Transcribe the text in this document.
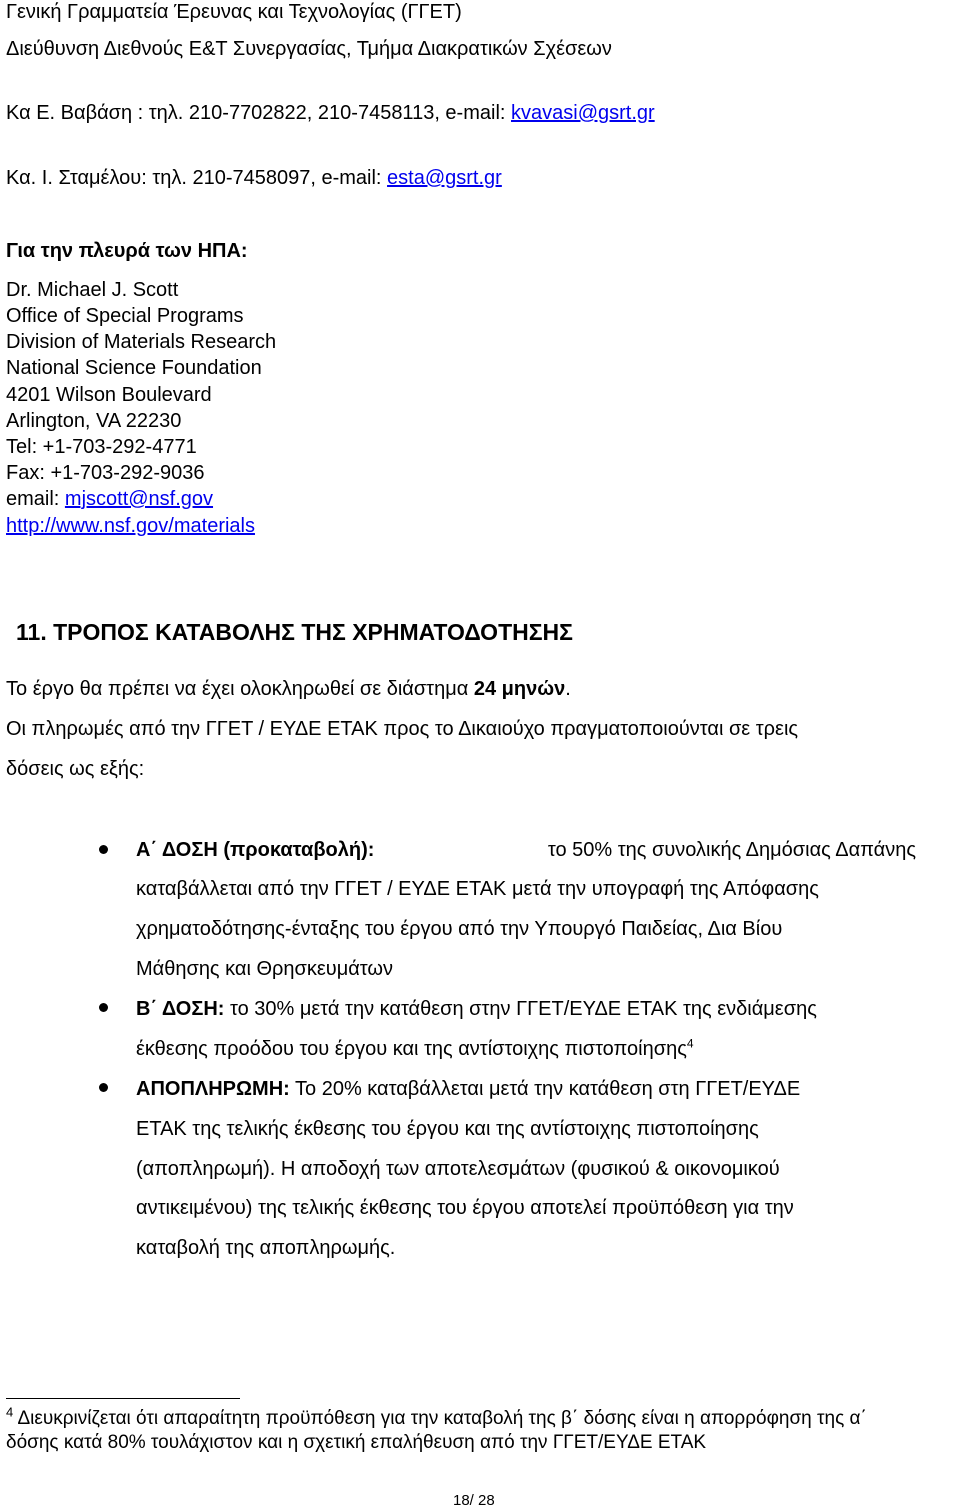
Γενική Γραμματεία Έρευνας και Τεχνολογίας (ΓΓΕΤ)
Διεύθυνση Διεθνούς Ε&Τ Συνεργασίας, Τμήμα Διακρατικών Σχέσεων
Κα Ε. Βαβάση : τηλ. 210-7702822, 210-7458113, e-mail: kvavasi@gsrt.gr
Κα. Ι. Σταμέλου: τηλ. 210-7458097, e-mail: esta@gsrt.gr
Για την πλευρά των ΗΠΑ:
Dr. Michael J. Scott
Office of Special Programs
Division of Materials Research
National Science Foundation
4201 Wilson Boulevard
Arlington, VA 22230
Tel: +1-703-292-4771
Fax: +1-703-292-9036
email: mjscott@nsf.gov
http://www.nsf.gov/materials
11. ΤΡΟΠΟΣ ΚΑΤΑΒΟΛΗΣ ΤΗΣ ΧΡΗΜΑΤΟΔΟΤΗΣΗΣ
Το έργο θα πρέπει να έχει ολοκληρωθεί σε διάστημα 24 μηνών.
Οι πληρωμές από την ΓΓΕΤ / ΕΥΔΕ ΕΤΑΚ προς το Δικαιούχο πραγματοποιούνται σε τρεις
δόσεις ως εξής:
Α΄ ΔΟΣΗ (προκαταβολή):	το 50% της συνολικής Δημόσιας Δαπάνης
καταβάλλεται από την ΓΓΕΤ / ΕΥΔΕ ΕΤΑΚ μετά την υπογραφή της Απόφασης
χρηματοδότησης-ένταξης του έργου από την Υπουργό Παιδείας, Δια Βίου
Μάθησης και Θρησκευμάτων
Β΄ ΔΟΣΗ: το 30% μετά την κατάθεση στην ΓΓΕΤ/ΕΥΔΕ ΕΤΑΚ της ενδιάμεσης
έκθεσης προόδου του έργου και της αντίστοιχης πιστοποίησης$^4$
ΑΠΟΠΛΗΡΩΜΗ: Το 20% καταβάλλεται μετά την κατάθεση στη ΓΓΕΤ/ΕΥΔΕ
ΕΤΑΚ της τελικής έκθεσης του έργου και της αντίστοιχης πιστοποίησης
(αποπληρωμή). Η αποδοχή των αποτελεσμάτων (φυσικού & οικονομικού
αντικειμένου) της τελικής έκθεσης του έργου αποτελεί προϋπόθεση για την
καταβολή της αποπληρωμής.
$^4$ Διευκρινίζεται ότι απαραίτητη προϋπόθεση για την καταβολή της β΄ δόσης είναι η απορρόφηση της α΄
δόσης κατά 80% τουλάχιστον και η σχετική επαλήθευση από την ΓΓΕΤ/ΕΥΔΕ ΕΤΑΚ
18/ 28
